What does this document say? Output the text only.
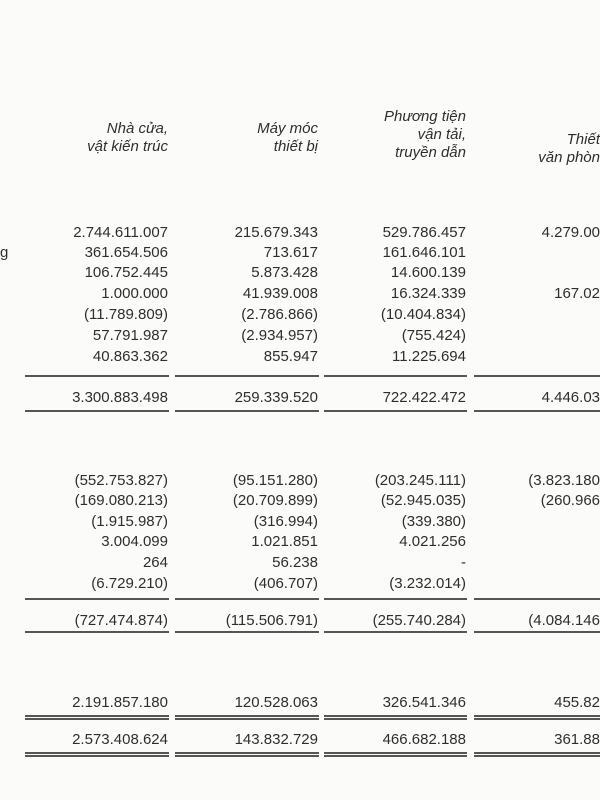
Nhà cửa,
vật kiến trúc
Máy móc
thiết bị
Phương tiện
vận tải,
truyền dẫn
Thiết
văn phòn
g
2.744.611.007	215.679.343	529.786.457	4.279.00
361.654.506	713.617	161.646.101
106.752.445	5.873.428	14.600.139
1.000.000	41.939.008	16.324.339	167.02
(11.789.809)	(2.786.866)	(10.404.834)
57.791.987	(2.934.957)	(755.424)
40.863.362	855.947	11.225.694
3.300.883.498	259.339.520	722.422.472	4.446.03
(552.753.827)	(95.151.280)	(203.245.111)	(3.823.180
(169.080.213)	(20.709.899)	(52.945.035)	(260.966
(1.915.987)	(316.994)	(339.380)
3.004.099	1.021.851	4.021.256
264	56.238	-
(6.729.210)	(406.707)	(3.232.014)
(727.474.874)	(115.506.791)	(255.740.284)	(4.084.146
2.191.857.180	120.528.063	326.541.346	455.82
2.573.408.624	143.832.729	466.682.188	361.88
